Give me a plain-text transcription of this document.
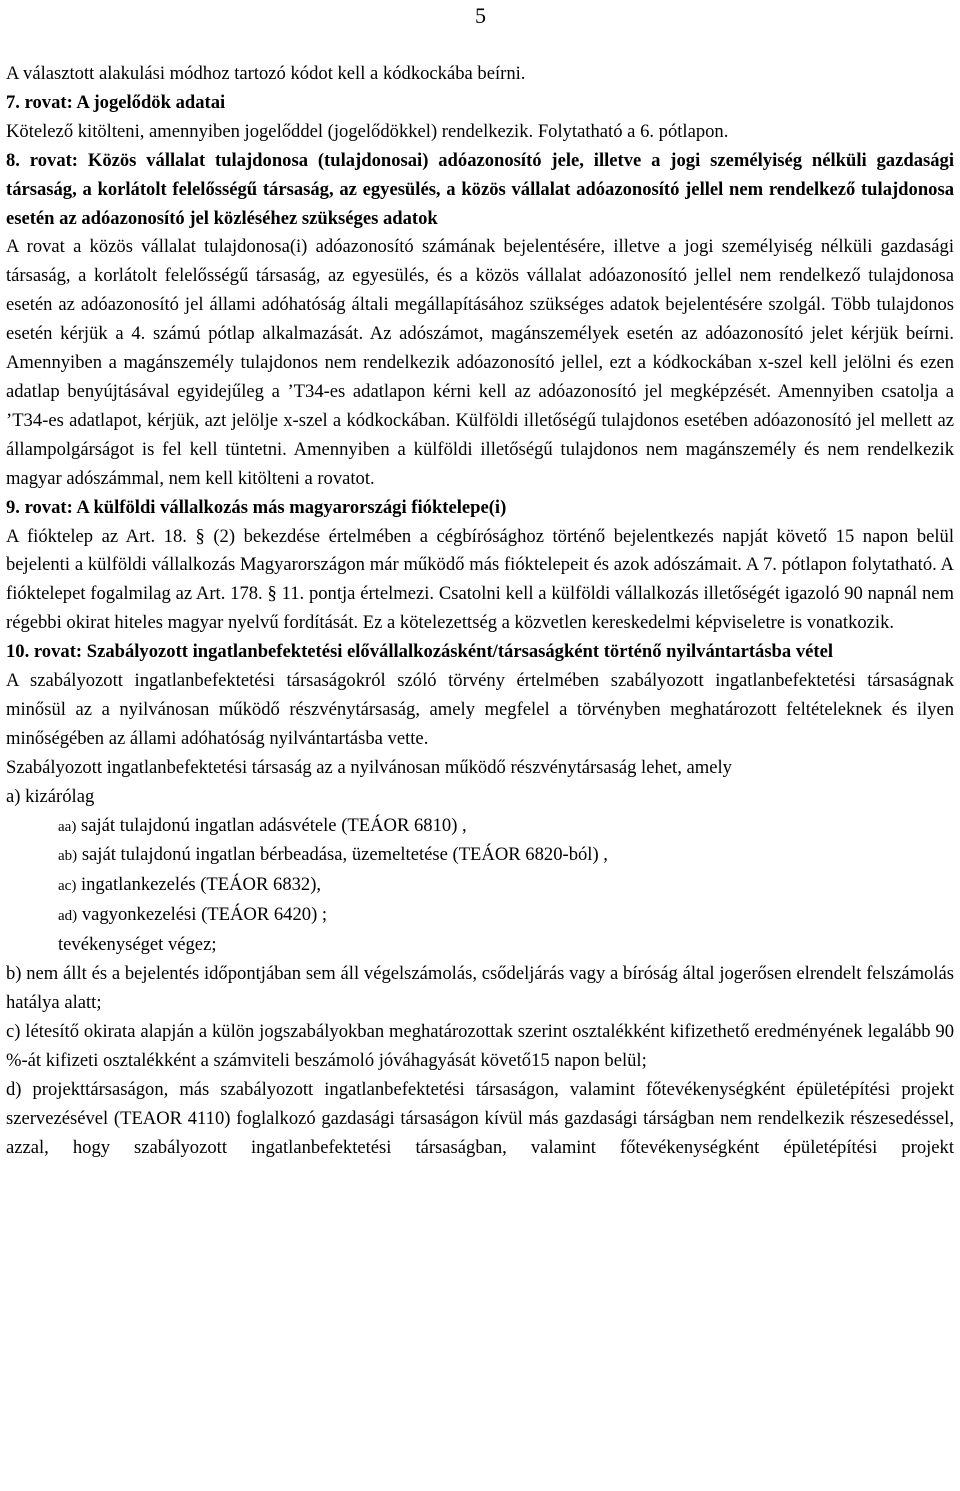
5

A választott alakulási módhoz tartozó kódot kell a kódkockába beírni.

7. rovat: A jogelődök adatai

Kötelező kitölteni, amennyiben jogelőddel (jogelődökkel) rendelkezik. Folytatható a 6. pótlapon.

8. rovat: Közös vállalat tulajdonosa (tulajdonosai) adóazonosító jele, illetve a jogi személyiség nélküli gazdasági társaság, a korlátolt felelősségű társaság, az egyesülés, a közös vállalat adóazonosító jellel nem rendelkező tulajdonosa esetén az adóazonosító jel közléséhez szükséges adatok

A rovat a közös vállalat tulajdonosa(i) adóazonosító számának bejelentésére, illetve a jogi személyiség nélküli gazdasági társaság, a korlátolt felelősségű társaság, az egyesülés, és a közös vállalat adóazonosító jellel nem rendelkező tulajdonosa esetén az adóazonosító jel állami adóhatóság általi megállapításához szükséges adatok bejelentésére szolgál. Több tulajdonos esetén kérjük a 4. számú pótlap alkalmazását. Az adószámot, magánszemélyek esetén az adóazonosító jelet kérjük beírni. Amennyiben a magánszemély tulajdonos nem rendelkezik adóazonosító jellel, ezt a kódkockában x-szel kell jelölni és ezen adatlap benyújtásával egyidejűleg a ’T34-es adatlapon kérni kell az adóazonosító jel megképzését. Amennyiben csatolja a ’T34-es adatlapot, kérjük, azt jelölje x-szel a kódkockában. Külföldi illetőségű tulajdonos esetében adóazonosító jel mellett az állampolgárságot is fel kell tüntetni. Amennyiben a külföldi illetőségű tulajdonos nem magánszemély és nem rendelkezik magyar adószámmal, nem kell kitölteni a rovatot.

9. rovat: A külföldi vállalkozás más magyarországi fióktelepe(i)

A fióktelep az Art. 18. § (2) bekezdése értelmében a cégbírósághoz történő bejelentkezés napját követő 15 napon belül bejelenti a külföldi vállalkozás Magyarországon már működő más fióktelepeit és azok adószámait. A 7. pótlapon folytatható. A fióktelepet fogalmilag az Art. 178. § 11. pontja értelmezi. Csatolni kell a külföldi vállalkozás illetőségét igazoló 90 napnál nem régebbi okirat hiteles magyar nyelvű fordítását. Ez a kötelezettség a közvetlen kereskedelmi képviseletre is vonatkozik.

10. rovat: Szabályozott ingatlanbefektetési elővállalkozásként/társaságként történő nyilvántartásba vétel

A szabályozott ingatlanbefektetési társaságokról szóló törvény értelmében szabályozott ingatlanbefektetési társaságnak minősül az a nyilvánosan működő részvénytársaság, amely megfelel a törvényben meghatározott feltételeknek és ilyen minőségében az állami adóhatóság nyilvántartásba vette.

Szabályozott ingatlanbefektetési társaság az a nyilvánosan működő részvénytársaság lehet, amely

a) kizárólag

aa) saját tulajdonú ingatlan adásvétele (TEÁOR 6810) ,

ab) saját tulajdonú ingatlan bérbeadása, üzemeltetése (TEÁOR 6820-ból) ,

ac) ingatlankezelés (TEÁOR 6832),

ad) vagyonkezelési (TEÁOR 6420) ;

tevékenységet végez;

b) nem állt és a bejelentés időpontjában sem áll végelszámolás, csődeljárás vagy a bíróság által jogerősen elrendelt felszámolás hatálya alatt;

c) létesítő okirata alapján a külön jogszabályokban meghatározottak szerint osztalékként kifizethető eredményének legalább 90 %-át kifizeti osztalékként a számviteli beszámoló jóváhagyását követő15 napon belül;

d) projekttársaságon, más szabályozott ingatlanbefektetési társaságon, valamint főtevékenységként épületépítési projekt szervezésével (TEAOR 4110) foglalkozó gazdasági társaságon kívül más gazdasági társágban nem rendelkezik részesedéssel, azzal, hogy szabályozott ingatlanbefektetési társaságban, valamint főtevékenységként épületépítési projekt
